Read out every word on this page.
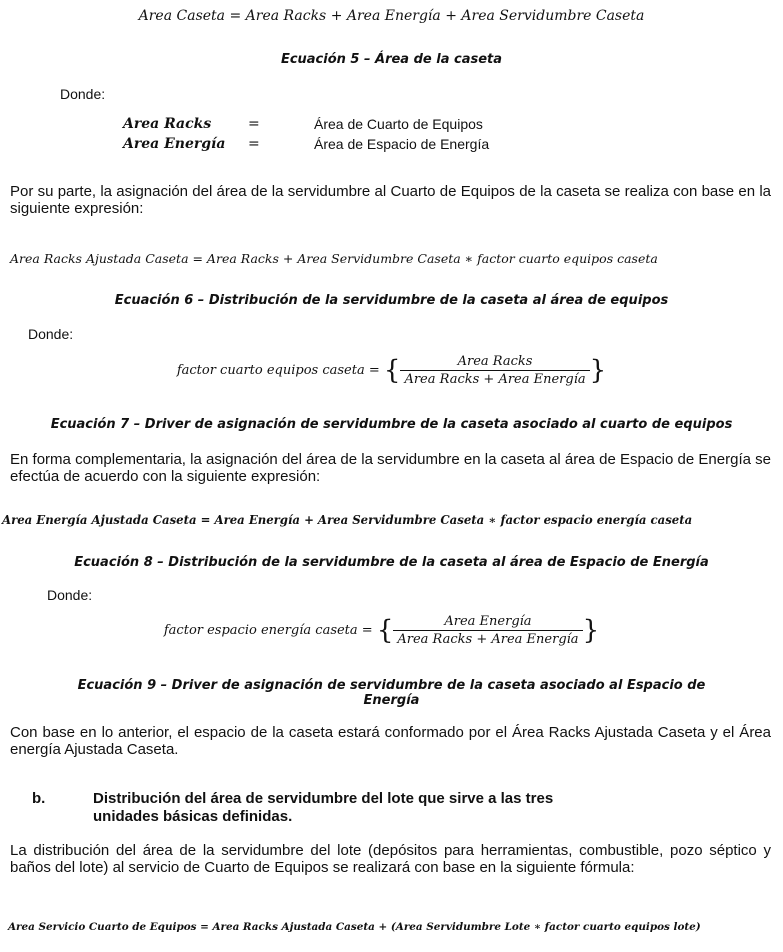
Area Caseta = Area Racks + Area Energía + Area Servidumbre Caseta
Ecuación 5 – Área de la caseta
Donde:
Area Racks	=	Área de Cuarto de Equipos
Area Energía	=	Área de Espacio de Energía
Por su parte, la asignación del área de la servidumbre al Cuarto de Equipos de la caseta se realiza con base en la siguiente expresión:
Area Racks Ajustada Caseta = Area Racks + Area Servidumbre Caseta ∗ factor cuarto equipos caseta
Ecuación 6 – Distribución de la servidumbre de la caseta al área de equipos
Donde:
factor cuarto equipos caseta = { $\frac{\text{Area Racks}}{\text{Area Racks + Area Energía}}$ }
Ecuación 7 – Driver de asignación de servidumbre de la caseta asociado al cuarto de equipos
En forma complementaria, la asignación del área de la servidumbre en la caseta al área de Espacio de Energía se efectúa de acuerdo con la siguiente expresión:
Area Energía Ajustada Caseta = Area Energía + Area Servidumbre Caseta ∗ factor espacio energía caseta
Ecuación 8 – Distribución de la servidumbre de la caseta al área de Espacio de Energía
Donde:
factor espacio energía caseta = { $\frac{\text{Area Energía}}{\text{Area Racks + Area Energía}}$ }
Ecuación 9 – Driver de asignación de servidumbre de la caseta asociado al Espacio de
Energía
Con base en lo anterior, el espacio de la caseta estará conformado por el Área Racks Ajustada Caseta y el Área energía Ajustada Caseta.
b.	Distribución del área de servidumbre del lote que sirve a las tres
unidades básicas definidas.
La distribución del área de la servidumbre del lote (depósitos para herramientas, combustible, pozo séptico y baños del lote) al servicio de Cuarto de Equipos se realizará con base en la siguiente fórmula:
Area Servicio Cuarto de Equipos = Area Racks Ajustada Caseta + (Area Servidumbre Lote ∗ factor cuarto equipos lote)
